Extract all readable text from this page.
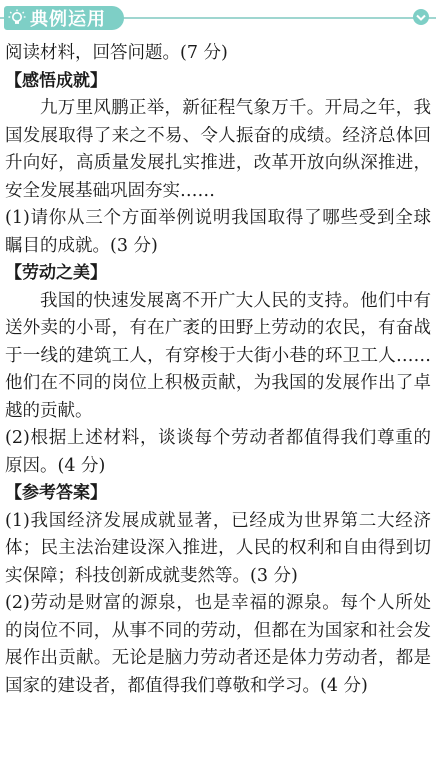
典例运用

阅读材料，回答问题。(7 分)

【感悟成就】

九万里风鹏正举，新征程气象万千。开局之年，我国发展取得了来之不易、令人振奋的成绩。经济总体回升向好，高质量发展扎实推进，改革开放向纵深推进，安全发展基础巩固夯实……

(1)请你从三个方面举例说明我国取得了哪些受到全球瞩目的成就。(3 分)

【劳动之美】

我国的快速发展离不开广大人民的支持。他们中有送外卖的小哥，有在广袤的田野上劳动的农民，有奋战于一线的建筑工人，有穿梭于大街小巷的环卫工人……他们在不同的岗位上积极贡献，为我国的发展作出了卓越的贡献。

(2)根据上述材料，谈谈每个劳动者都值得我们尊重的原因。(4 分)

【参考答案】

(1)我国经济发展成就显著，已经成为世界第二大经济体；民主法治建设深入推进，人民的权利和自由得到切实保障；科技创新成就斐然等。(3 分)

(2)劳动是财富的源泉，也是幸福的源泉。每个人所处的岗位不同，从事不同的劳动，但都在为国家和社会发展作出贡献。无论是脑力劳动者还是体力劳动者，都是国家的建设者，都值得我们尊敬和学习。(4 分)
